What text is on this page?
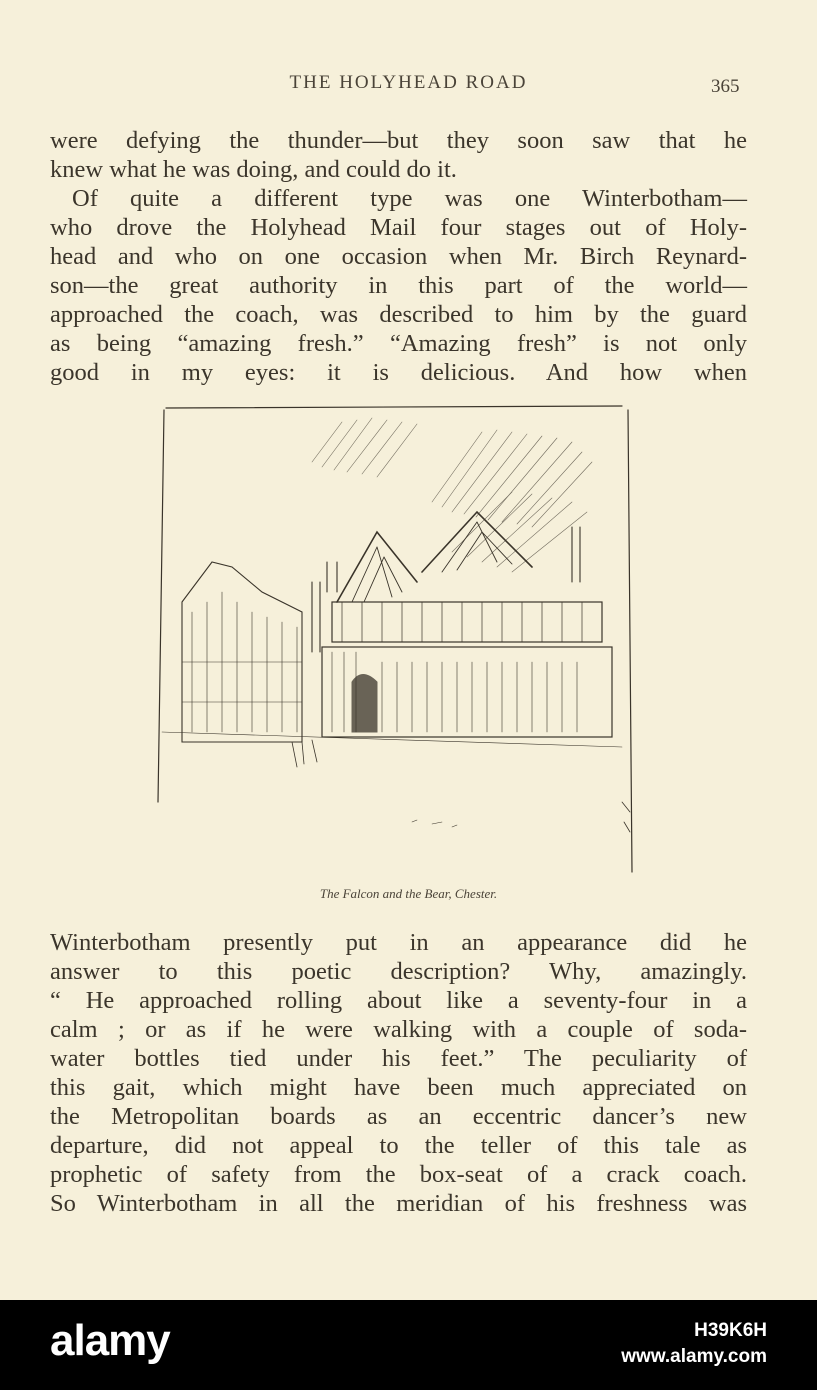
THE HOLYHEAD ROAD	365
were defying the thunder—but they soon saw that he
knew what he was doing, and could do it.
Of quite a different type was one Winterbotham—
who drove the Holyhead Mail four stages out of Holy-
head and who on one occasion when Mr. Birch Reynard-
son—the great authority in this part of the world—
approached the coach, was described to him by the guard
as being “amazing fresh.” “Amazing fresh” is not only
good in my eyes: it is delicious. And how when
The Falcon and the Bear, Chester.
Winterbotham presently put in an appearance did he
answer to this poetic description? Why, amazingly.
“ He approached rolling about like a seventy-four in a
calm ; or as if he were walking with a couple of soda-
water bottles tied under his feet.” The peculiarity of
this gait, which might have been much appreciated on
the Metropolitan boards as an eccentric dancer’s new
departure, did not appeal to the teller of this tale as
prophetic of safety from the box-seat of a crack coach.
So Winterbotham in all the meridian of his freshness was
alamy	H39K6H
www.alamy.com
